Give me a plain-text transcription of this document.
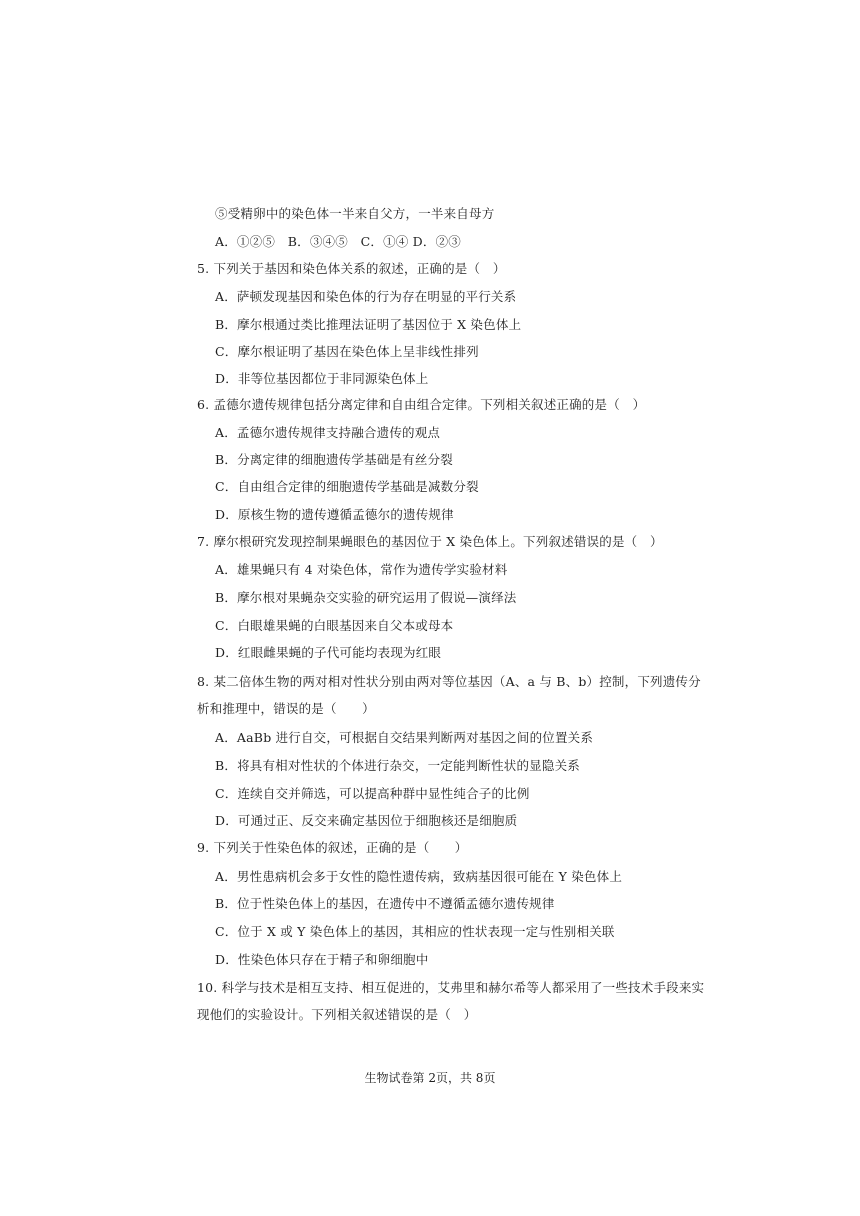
⑤受精卵中的染色体一半来自父方，一半来自母方
A．①②⑤　B．③④⑤　C．①④ D．②③
5. 下列关于基因和染色体关系的叙述，正确的是（　）
A．萨顿发现基因和染色体的行为存在明显的平行关系
B．摩尔根通过类比推理法证明了基因位于 X 染色体上
C．摩尔根证明了基因在染色体上呈非线性排列
D．非等位基因都位于非同源染色体上
6. 孟德尔遗传规律包括分离定律和自由组合定律。下列相关叙述正确的是（　）
A．孟德尔遗传规律支持融合遗传的观点
B．分离定律的细胞遗传学基础是有丝分裂
C．自由组合定律的细胞遗传学基础是减数分裂
D．原核生物的遗传遵循孟德尔的遗传规律
7. 摩尔根研究发现控制果蝇眼色的基因位于 X 染色体上。下列叙述错误的是（　）
A．雄果蝇只有 4 对染色体，常作为遗传学实验材料
B．摩尔根对果蝇杂交实验的研究运用了假说—演绎法
C．白眼雄果蝇的白眼基因来自父本或母本
D．红眼雌果蝇的子代可能均表现为红眼
8. 某二倍体生物的两对相对性状分别由两对等位基因（A、a 与 B、b）控制，下列遗传分
析和推理中，错误的是（　　）
A．AaBb 进行自交，可根据自交结果判断两对基因之间的位置关系
B．将具有相对性状的个体进行杂交，一定能判断性状的显隐关系
C．连续自交并筛选，可以提高种群中显性纯合子的比例
D．可通过正、反交来确定基因位于细胞核还是细胞质
9. 下列关于性染色体的叙述，正确的是（　　）
A．男性患病机会多于女性的隐性遗传病，致病基因很可能在 Y 染色体上
B．位于性染色体上的基因，在遗传中不遵循孟德尔遗传规律
C．位于 X 或 Y 染色体上的基因，其相应的性状表现一定与性别相关联
D．性染色体只存在于精子和卵细胞中
10. 科学与技术是相互支持、相互促进的，艾弗里和赫尔希等人都采用了一些技术手段来实
现他们的实验设计。下列相关叙述错误的是（　）
生物试卷第 2页，共 8页
